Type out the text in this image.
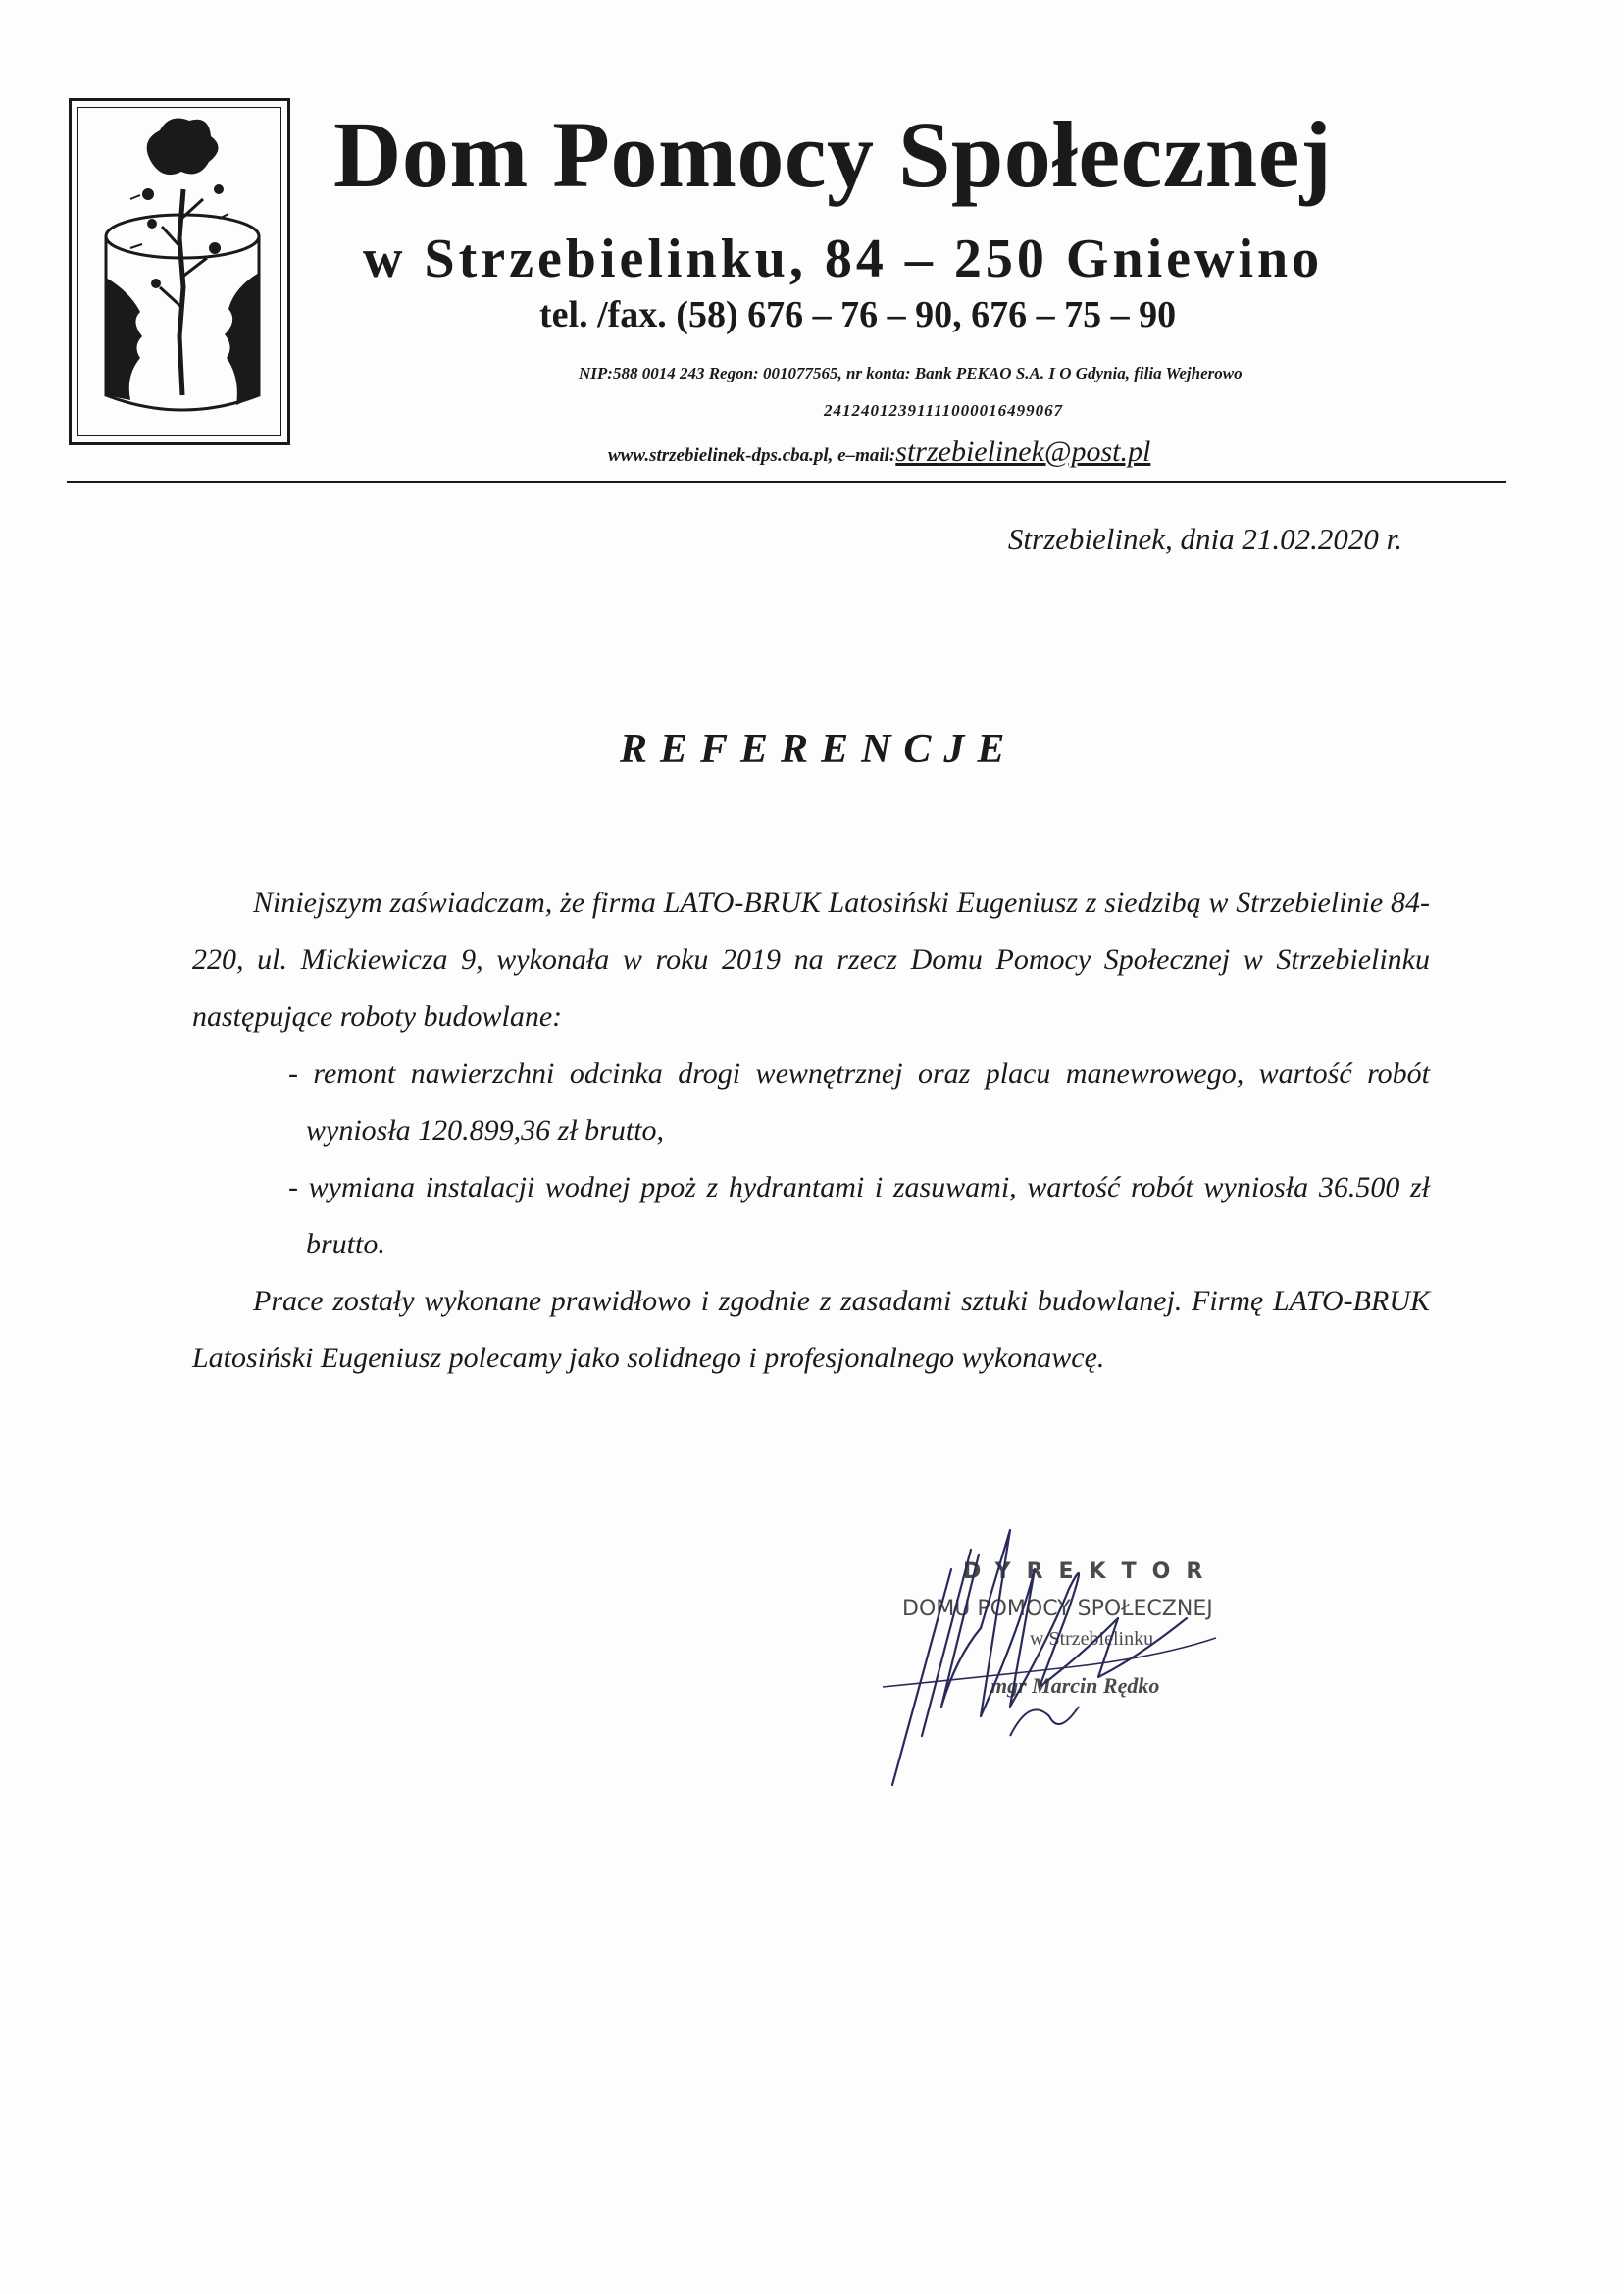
Dom Pomocy Społecznej
w Strzebielinku, 84 – 250 Gniewino
tel. /fax. (58) 676 – 76 – 90, 676 – 75 – 90
NIP:588 0014 243 Regon: 001077565, nr konta: Bank PEKAO S.A. I O Gdynia, filia Wejherowo
24124012391111000016499067
www.strzebielinek-dps.cba.pl, e–mail:strzebielinek@post.pl
Strzebielinek, dnia 21.02.2020 r.
REFERENCJE
Niniejszym zaświadczam, że firma LATO-BRUK Latosiński Eugeniusz z siedzibą w Strzebielinie 84-220, ul. Mickiewicza 9, wykonała w roku 2019 na rzecz Domu Pomocy Społecznej w Strzebielinku następujące roboty budowlane:
- remont nawierzchni odcinka drogi wewnętrznej oraz placu manewrowego, wartość robót wyniosła 120.899,36 zł brutto,
- wymiana instalacji wodnej ppoż z hydrantami i zasuwami, wartość robót wyniosła 36.500 zł brutto.
Prace zostały wykonane prawidłowo i zgodnie z zasadami sztuki budowlanej. Firmę LATO-BRUK Latosiński Eugeniusz polecamy jako solidnego i profesjonalnego wykonawcę.
DYREKTOR
DOMU POMOCY SPOŁECZNEJ
w Strzebielinku
mgr Marcin Rędko
